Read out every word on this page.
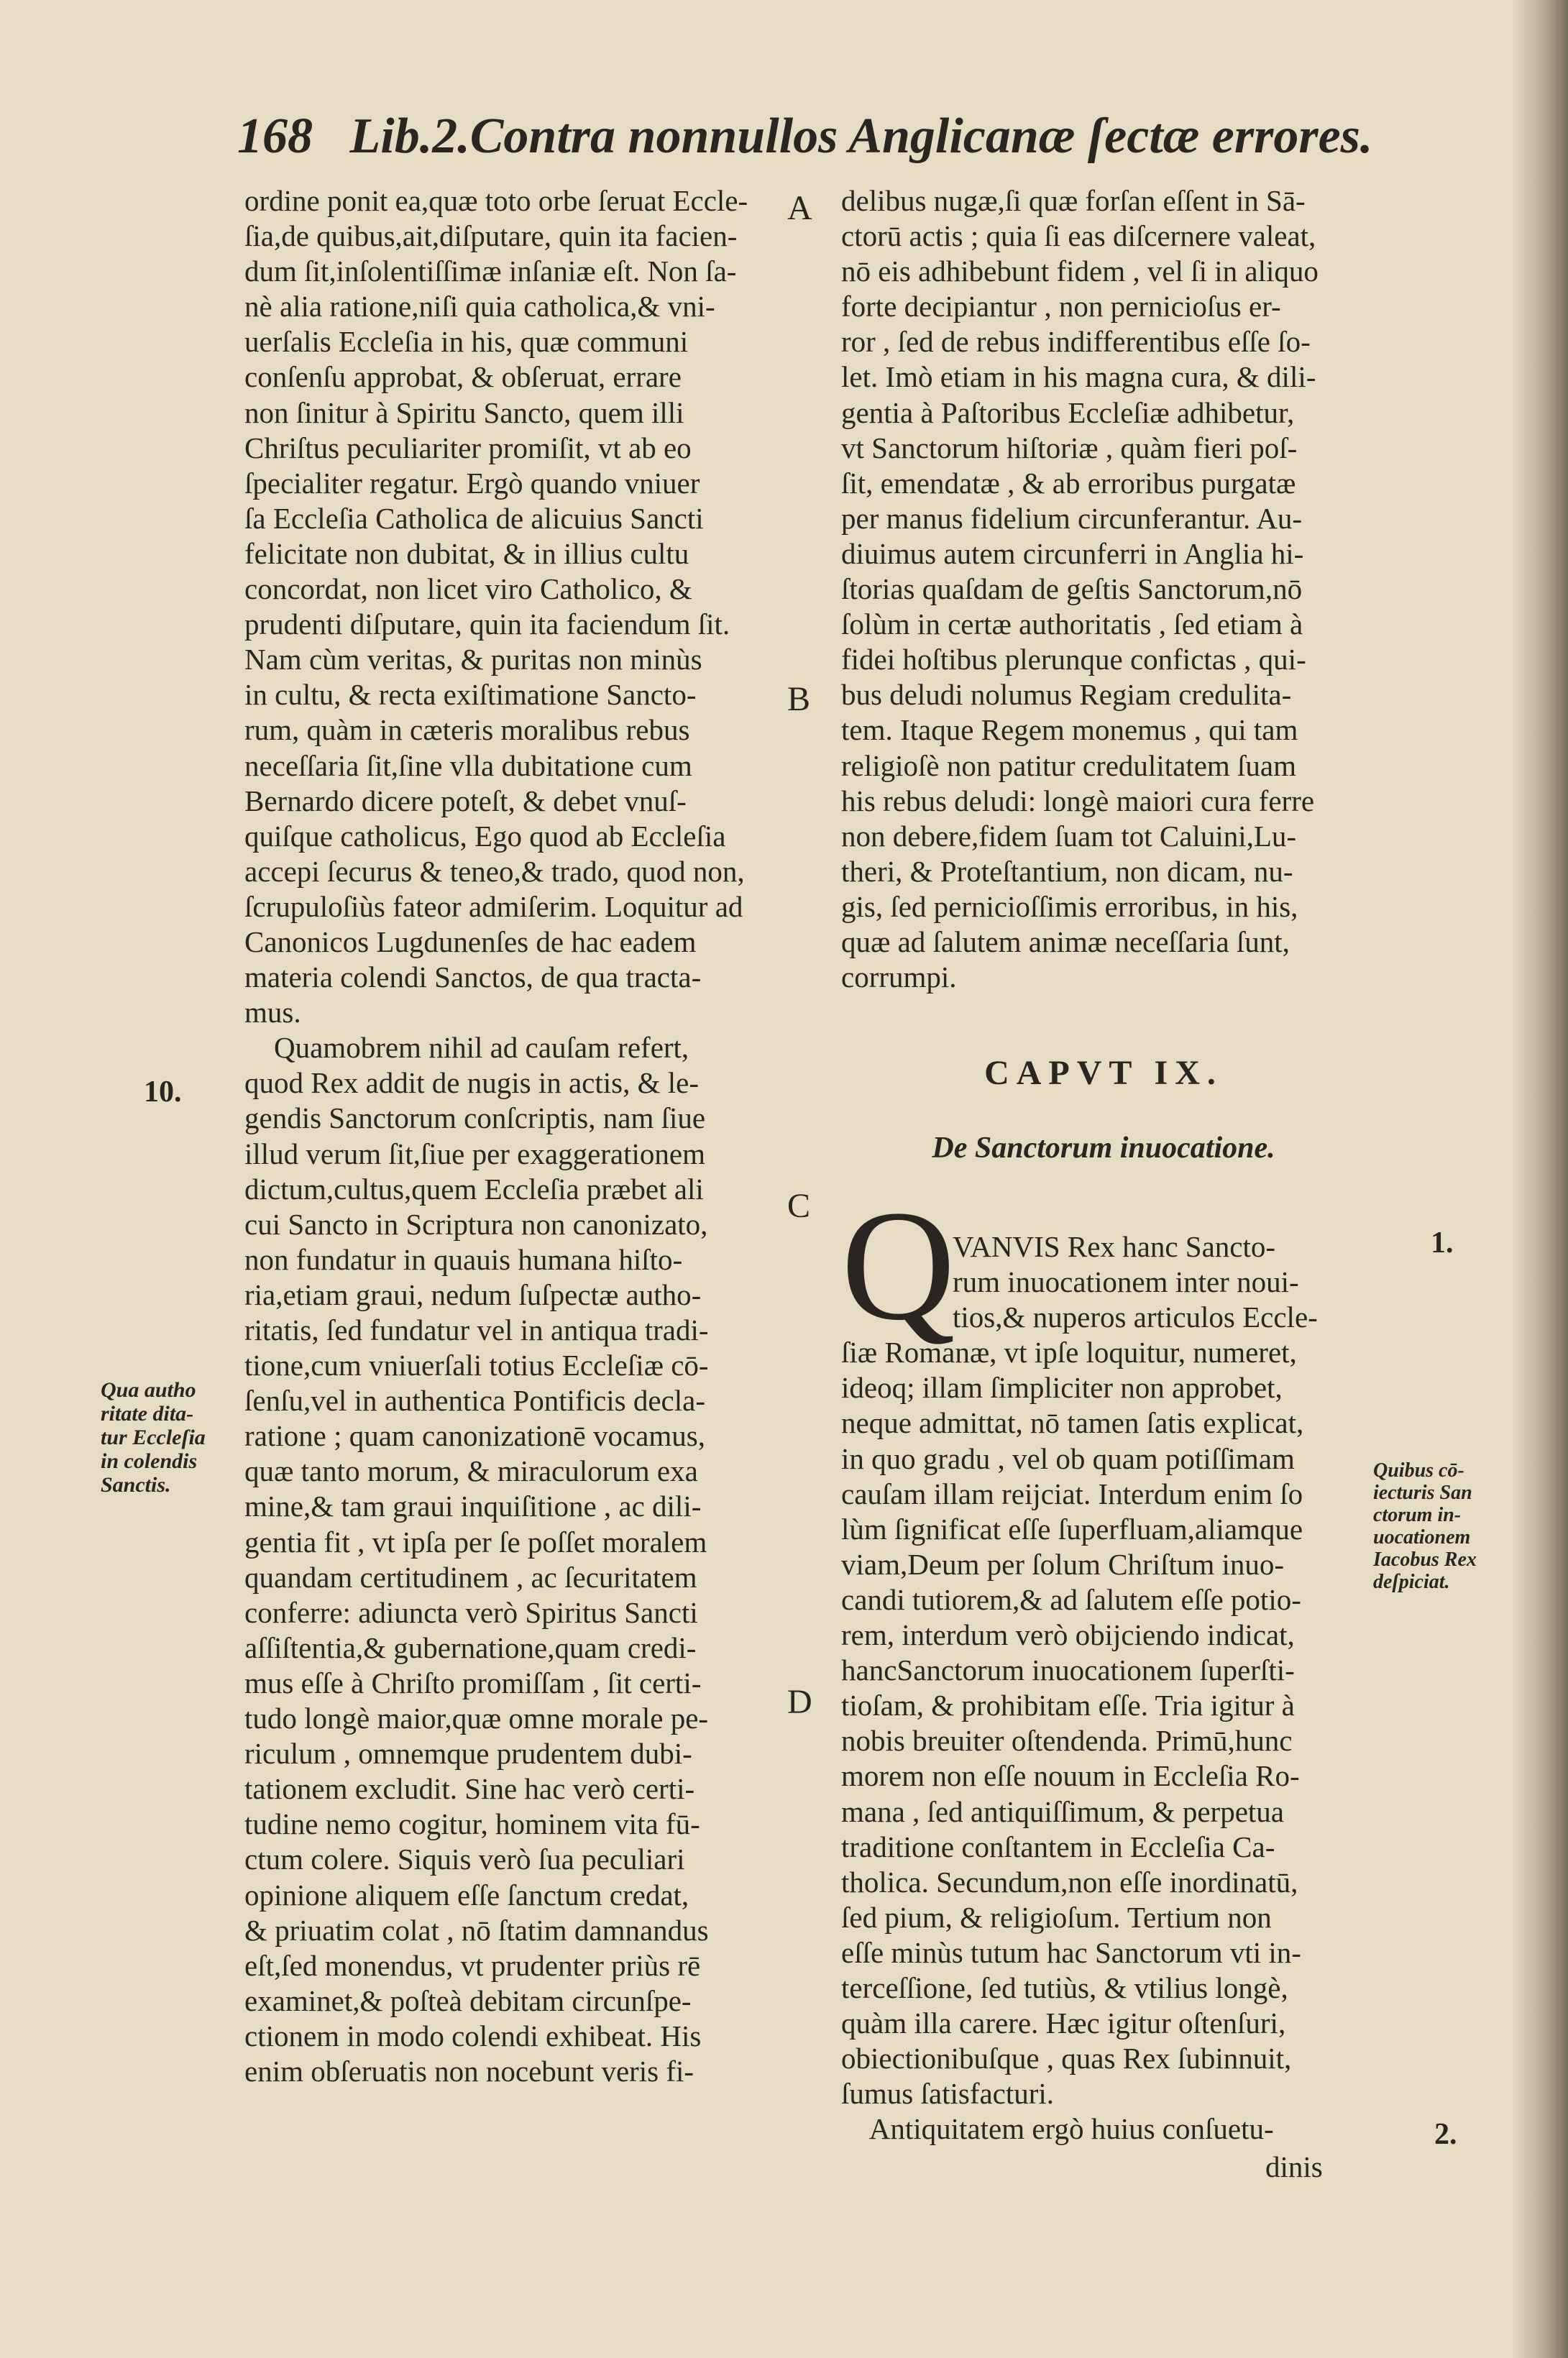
168 Lib.2.Contra nonnullos Anglicanæ ſectæ errores.
ordine ponit ea,quæ toto orbe ſeruat Eccle-
ſia,de quibus,ait,diſputare, quin ita facien-
dum ſit,inſolentiſſimæ inſaniæ eſt. Non ſa-
nè alia ratione,niſi quia catholica,& vni-
uerſalis Eccleſia in his, quæ communi
conſenſu approbat, & obſeruat, errare
non ſinitur à Spiritu Sancto, quem illi
Chriſtus peculiariter promiſit, vt ab eo
ſpecialiter regatur. Ergò quando vniuer
ſa Eccleſia Catholica de alicuius Sancti
felicitate non dubitat, & in illius cultu
concordat, non licet viro Catholico, &
prudenti diſputare, quin ita faciendum ſit.
Nam cùm veritas, & puritas non minùs
in cultu, & recta exiſtimatione Sancto-
rum, quàm in cæteris moralibus rebus
neceſſaria ſit,ſine vlla dubitatione cum
Bernardo dicere poteſt, & debet vnuſ-
quiſque catholicus, Ego quod ab Eccleſia
accepi ſecurus & teneo,& trado, quod non,
ſcrupuloſiùs fateor admiſerim. Loquitur ad
Canonicos Lugdunenſes de hac eadem
materia colendi Sanctos, de qua tracta-
mus.
Quamobrem nihil ad cauſam refert,
quod Rex addit de nugis in actis, & le-
gendis Sanctorum conſcriptis, nam ſiue
illud verum ſit,ſiue per exaggerationem
dictum,cultus,quem Eccleſia præbet ali
cui Sancto in Scriptura non canonizato,
non fundatur in quauis humana hiſto-
ria,etiam graui, nedum ſuſpectæ autho-
ritatis, ſed fundatur vel in antiqua tradi-
tione,cum vniuerſali totius Eccleſiæ cō-
ſenſu,vel in authentica Pontificis decla-
ratione ; quam canonizationē vocamus,
quæ tanto morum, & miraculorum exa
mine,& tam graui inquiſitione , ac dili-
gentia fit , vt ipſa per ſe poſſet moralem
quandam certitudinem , ac ſecuritatem
conferre: adiuncta verò Spiritus Sancti
aſſiſtentia,& gubernatione,quam credi-
mus eſſe à Chriſto promiſſam , ſit certi-
tudo longè maior,quæ omne morale pe-
riculum , omnemque prudentem dubi-
tationem excludit. Sine hac verò certi-
tudine nemo cogitur, hominem vita fū-
ctum colere. Siquis verò ſua peculiari
opinione aliquem eſſe ſanctum credat,
& priuatim colat , nō ſtatim damnandus
eſt,ſed monendus, vt prudenter priùs rē
examinet,& poſteà debitam circunſpe-
ctionem in modo colendi exhibeat. His
enim obſeruatis non nocebunt veris fi-
A
B
C
D
10.
1.
2.
Qua autho
ritate dita-
tur Eccleſia
in colendis
Sanctis.
delibus nugæ,ſi quæ forſan eſſent in Sā-
ctorū actis ; quia ſi eas diſcernere valeat,
nō eis adhibebunt fidem , vel ſi in aliquo
forte decipiantur , non pernicioſus er-
ror , ſed de rebus indifferentibus eſſe ſo-
let. Imò etiam in his magna cura, & dili-
gentia à Paſtoribus Eccleſiæ adhibetur,
vt Sanctorum hiſtoriæ , quàm fieri poſ-
ſit, emendatæ , & ab erroribus purgatæ
per manus fidelium circunferantur. Au-
diuimus autem circunferri in Anglia hi-
ſtorias quaſdam de geſtis Sanctorum,nō
ſolùm in certæ authoritatis , ſed etiam à
fidei hoſtibus plerunque confictas , qui-
bus deludi nolumus Regiam credulita-
tem. Itaque Regem monemus , qui tam
religioſè non patitur credulitatem ſuam
his rebus deludi: longè maiori cura ferre
non debere,fidem ſuam tot Caluini,Lu-
theri, & Proteſtantium, non dicam, nu-
gis, ſed pernicioſſimis erroribus, in his,
quæ ad ſalutem animæ neceſſaria ſunt,
corrumpi.
CAPVT IX.
De Sanctorum inuocatione.
Q
VANVIS Rex hanc Sancto-
rum inuocationem inter noui-
tios,& nuperos articulos Eccle-
ſiæ Romanæ, vt ipſe loquitur, numeret,
ideoq; illam ſimpliciter non approbet,
neque admittat, nō tamen ſatis explicat,
in quo gradu , vel ob quam potiſſimam
cauſam illam reijciat. Interdum enim ſo
lùm ſignificat eſſe ſuperfluam,aliamque
viam,Deum per ſolum Chriſtum inuo-
candi tutiorem,& ad ſalutem eſſe potio-
rem, interdum verò obijciendo indicat,
hancSanctorum inuocationem ſuperſti-
tioſam, & prohibitam eſſe. Tria igitur à
nobis breuiter oſtendenda. Primū,hunc
morem non eſſe nouum in Eccleſia Ro-
mana , ſed antiquiſſimum, & perpetua
traditione conſtantem in Eccleſia Ca-
tholica. Secundum,non eſſe inordinatū,
ſed pium, & religioſum. Tertium non
eſſe minùs tutum hac Sanctorum vti in-
terceſſione, ſed tutiùs, & vtilius longè,
quàm illa carere. Hæc igitur oſtenſuri,
obiectionibuſque , quas Rex ſubinnuit,
ſumus ſatisfacturi.
Antiquitatem ergò huius conſuetu-
dinis
Quibus cō-
iecturis San
ctorum in-
uocationem
Iacobus Rex
deſpiciat.
